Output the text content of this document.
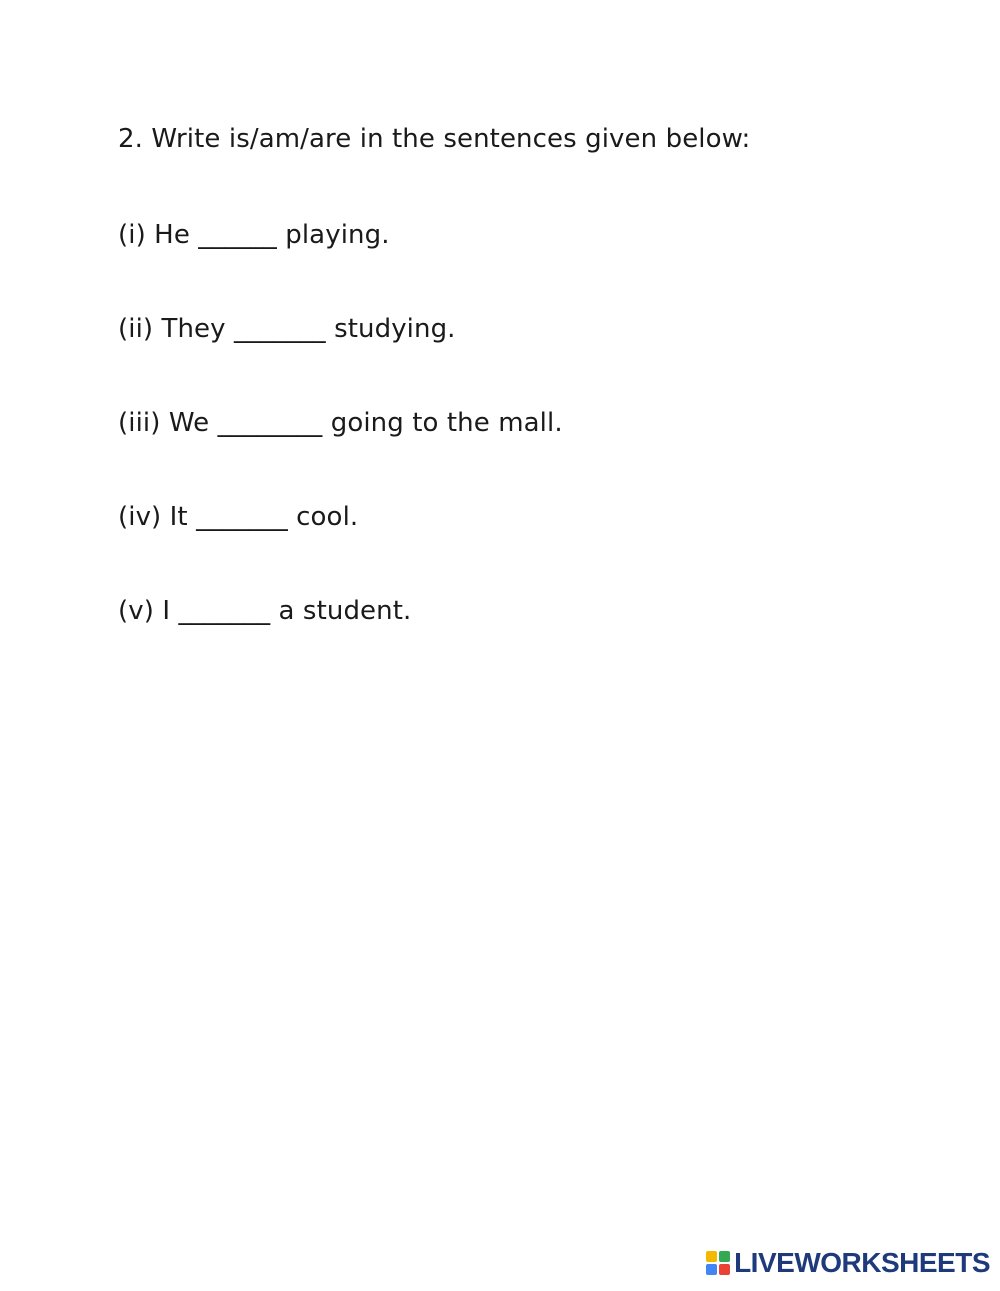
2. Write is/am/are in the sentences given below:
(i) He ______ playing.
(ii) They _______ studying.
(iii) We ________ going to the mall.
(iv) It _______ cool.
(v) I _______ a student.
LIVEWORKSHEETS
